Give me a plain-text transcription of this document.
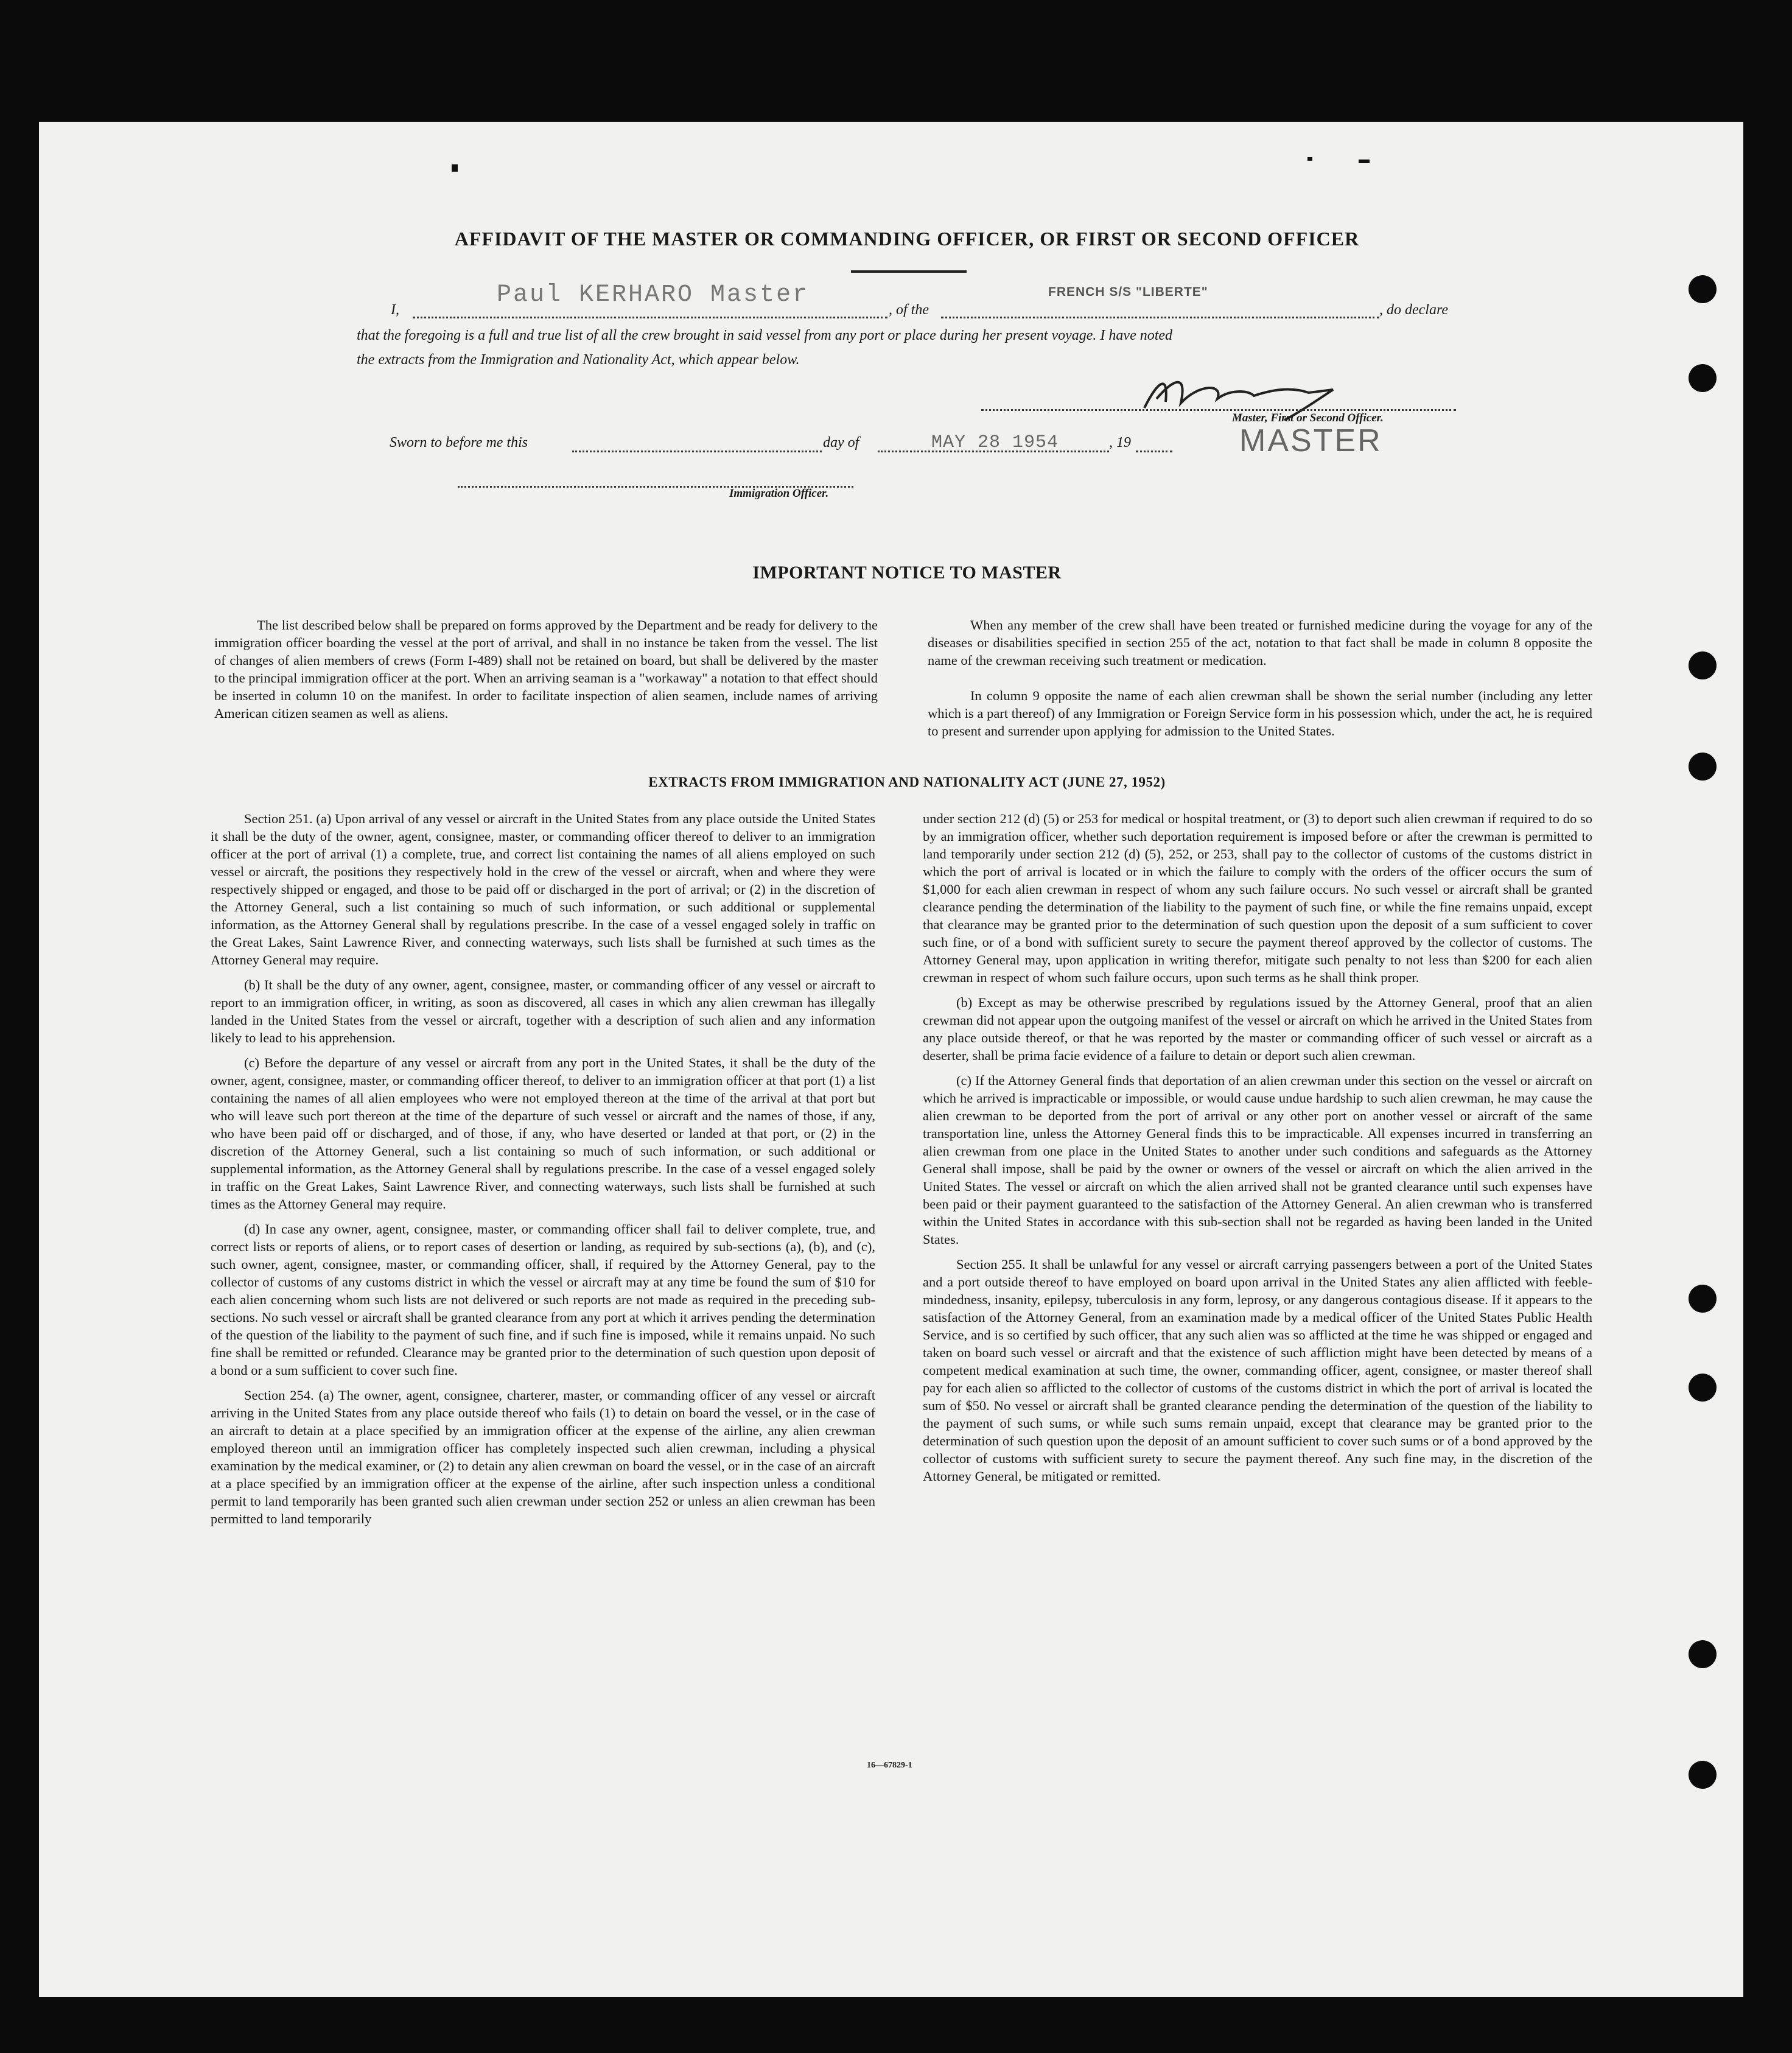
AFFIDAVIT OF THE MASTER OR COMMANDING OFFICER, OR FIRST OR SECOND OFFICER
I,
Paul KERHARO Master
, of the
FRENCH S/S "LIBERTE"
, do declare
that the foregoing is a full and true list of all the crew brought in said vessel from any port or place during her present voyage. I have noted
the extracts from the Immigration and Nationality Act, which appear below.
Master, First or Second Officer.
MASTER
Sworn to before me this	day of	MAY 28 1954	, 19
Immigration Officer.
IMPORTANT NOTICE TO MASTER

The list described below shall be prepared on forms approved by the Department and be ready for delivery to the immigration officer boarding the vessel at the port of arrival, and shall in no instance be taken from the vessel. The list of changes of alien members of crews (Form I-489) shall not be retained on board, but shall be delivered by the master to the principal immigration officer at the port. When an arriving seaman is a "workaway" a notation to that effect should be inserted in column 10 on the manifest. In order to facilitate inspection of alien seamen, include names of arriving American citizen seamen as well as aliens.

When any member of the crew shall have been treated or furnished medicine during the voyage for any of the diseases or disabilities specified in section 255 of the act, notation to that fact shall be made in column 8 opposite the name of the crewman receiving such treatment or medication.

In column 9 opposite the name of each alien crewman shall be shown the serial number (including any letter which is a part thereof) of any Immigration or Foreign Service form in his possession which, under the act, he is required to present and surrender upon applying for admission to the United States.

EXTRACTS FROM IMMIGRATION AND NATIONALITY ACT (JUNE 27, 1952)

Section 251. (a) Upon arrival of any vessel or aircraft in the United States from any place outside the United States it shall be the duty of the owner, agent, consignee, master, or commanding officer thereof to deliver to an immigration officer at the port of arrival (1) a complete, true, and correct list containing the names of all aliens employed on such vessel or aircraft, the positions they respectively hold in the crew of the vessel or aircraft, when and where they were respectively shipped or engaged, and those to be paid off or discharged in the port of arrival; or (2) in the discretion of the Attorney General, such a list containing so much of such information, or such additional or supplemental information, as the Attorney General shall by regulations prescribe. In the case of a vessel engaged solely in traffic on the Great Lakes, Saint Lawrence River, and connecting waterways, such lists shall be furnished at such times as the Attorney General may require.

(b) It shall be the duty of any owner, agent, consignee, master, or commanding officer of any vessel or aircraft to report to an immigration officer, in writing, as soon as discovered, all cases in which any alien crewman has illegally landed in the United States from the vessel or aircraft, together with a description of such alien and any information likely to lead to his apprehension.

(c) Before the departure of any vessel or aircraft from any port in the United States, it shall be the duty of the owner, agent, consignee, master, or commanding officer thereof, to deliver to an immigration officer at that port (1) a list containing the names of all alien employees who were not employed thereon at the time of the arrival at that port but who will leave such port thereon at the time of the departure of such vessel or aircraft and the names of those, if any, who have been paid off or discharged, and of those, if any, who have deserted or landed at that port, or (2) in the discretion of the Attorney General, such a list containing so much of such information, or such additional or supplemental information, as the Attorney General shall by regulations prescribe. In the case of a vessel engaged solely in traffic on the Great Lakes, Saint Lawrence River, and connecting waterways, such lists shall be furnished at such times as the Attorney General may require.

(d) In case any owner, agent, consignee, master, or commanding officer shall fail to deliver complete, true, and correct lists or reports of aliens, or to report cases of desertion or landing, as required by sub-sections (a), (b), and (c), such owner, agent, consignee, master, or commanding officer, shall, if required by the Attorney General, pay to the collector of customs of any customs district in which the vessel or aircraft may at any time be found the sum of $10 for each alien concerning whom such lists are not delivered or such reports are not made as required in the preceding sub-sections. No such vessel or aircraft shall be granted clearance from any port at which it arrives pending the determination of the question of the liability to the payment of such fine, and if such fine is imposed, while it remains unpaid. No such fine shall be remitted or refunded. Clearance may be granted prior to the determination of such question upon deposit of a bond or a sum sufficient to cover such fine.

Section 254. (a) The owner, agent, consignee, charterer, master, or commanding officer of any vessel or aircraft arriving in the United States from any place outside thereof who fails (1) to detain on board the vessel, or in the case of an aircraft to detain at a place specified by an immigration officer at the expense of the airline, any alien crewman employed thereon until an immigration officer has completely inspected such alien crewman, including a physical examination by the medical examiner, or (2) to detain any alien crewman on board the vessel, or in the case of an aircraft at a place specified by an immigration officer at the expense of the airline, after such inspection unless a conditional permit to land temporarily has been granted such alien crewman under section 252 or unless an alien crewman has been permitted to land temporarily

under section 212 (d) (5) or 253 for medical or hospital treatment, or (3) to deport such alien crewman if required to do so by an immigration officer, whether such deportation requirement is imposed before or after the crewman is permitted to land temporarily under section 212 (d) (5), 252, or 253, shall pay to the collector of customs of the customs district in which the port of arrival is located or in which the failure to comply with the orders of the officer occurs the sum of $1,000 for each alien crewman in respect of whom any such failure occurs. No such vessel or aircraft shall be granted clearance pending the determination of the liability to the payment of such fine, or while the fine remains unpaid, except that clearance may be granted prior to the determination of such question upon the deposit of a sum sufficient to cover such fine, or of a bond with sufficient surety to secure the payment thereof approved by the collector of customs. The Attorney General may, upon application in writing therefor, mitigate such penalty to not less than $200 for each alien crewman in respect of whom such failure occurs, upon such terms as he shall think proper.

(b) Except as may be otherwise prescribed by regulations issued by the Attorney General, proof that an alien crewman did not appear upon the outgoing manifest of the vessel or aircraft on which he arrived in the United States from any place outside thereof, or that he was reported by the master or commanding officer of such vessel or aircraft as a deserter, shall be prima facie evidence of a failure to detain or deport such alien crewman.

(c) If the Attorney General finds that deportation of an alien crewman under this section on the vessel or aircraft on which he arrived is impracticable or impossible, or would cause undue hardship to such alien crewman, he may cause the alien crewman to be deported from the port of arrival or any other port on another vessel or aircraft of the same transportation line, unless the Attorney General finds this to be impracticable. All expenses incurred in transferring an alien crewman from one place in the United States to another under such conditions and safeguards as the Attorney General shall impose, shall be paid by the owner or owners of the vessel or aircraft on which the alien arrived in the United States. The vessel or aircraft on which the alien arrived shall not be granted clearance until such expenses have been paid or their payment guaranteed to the satisfaction of the Attorney General. An alien crewman who is transferred within the United States in accordance with this sub-section shall not be regarded as having been landed in the United States.

Section 255. It shall be unlawful for any vessel or aircraft carrying passengers between a port of the United States and a port outside thereof to have employed on board upon arrival in the United States any alien afflicted with feeble-mindedness, insanity, epilepsy, tuberculosis in any form, leprosy, or any dangerous contagious disease. If it appears to the satisfaction of the Attorney General, from an examination made by a medical officer of the United States Public Health Service, and is so certified by such officer, that any such alien was so afflicted at the time he was shipped or engaged and taken on board such vessel or aircraft and that the existence of such affliction might have been detected by means of a competent medical examination at such time, the owner, commanding officer, agent, consignee, or master thereof shall pay for each alien so afflicted to the collector of customs of the customs district in which the port of arrival is located the sum of $50. No vessel or aircraft shall be granted clearance pending the determination of the question of the liability to the payment of such sums, or while such sums remain unpaid, except that clearance may be granted prior to the determination of such question upon the deposit of an amount sufficient to cover such sums or of a bond approved by the collector of customs with sufficient surety to secure the payment thereof. Any such fine may, in the discretion of the Attorney General, be mitigated or remitted.

16—67829-1
